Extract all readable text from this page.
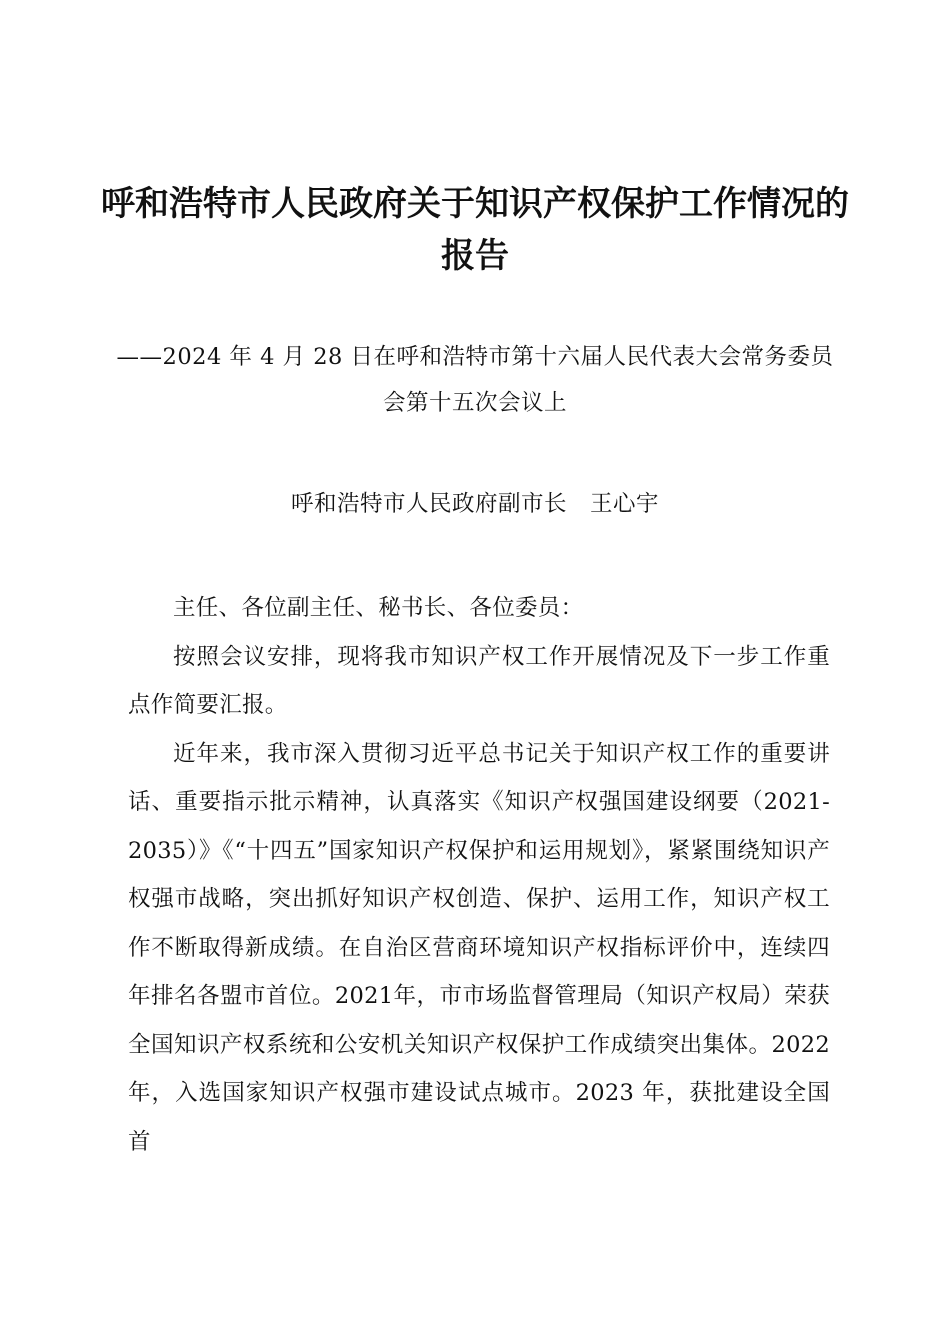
呼和浩特市人民政府关于知识产权保护工作情况的报告

——2024 年 4 月 28 日在呼和浩特市第十六届人民代表大会常务委员会第十五次会议上

呼和浩特市人民政府副市长　王心宇

主任、各位副主任、秘书长、各位委员：

按照会议安排，现将我市知识产权工作开展情况及下一步工作重点作简要汇报。

近年来，我市深入贯彻习近平总书记关于知识产权工作的重要讲话、重要指示批示精神，认真落实《知识产权强国建设纲要（2021-2035）》《“十四五”国家知识产权保护和运用规划》，紧紧围绕知识产权强市战略，突出抓好知识产权创造、保护、运用工作，知识产权工作不断取得新成绩。在自治区营商环境知识产权指标评价中，连续四年排名各盟市首位。2021年，市市场监督管理局（知识产权局）荣获全国知识产权系统和公安机关知识产权保护工作成绩突出集体。2022 年，入选国家知识产权强市建设试点城市。2023 年，获批建设全国首
